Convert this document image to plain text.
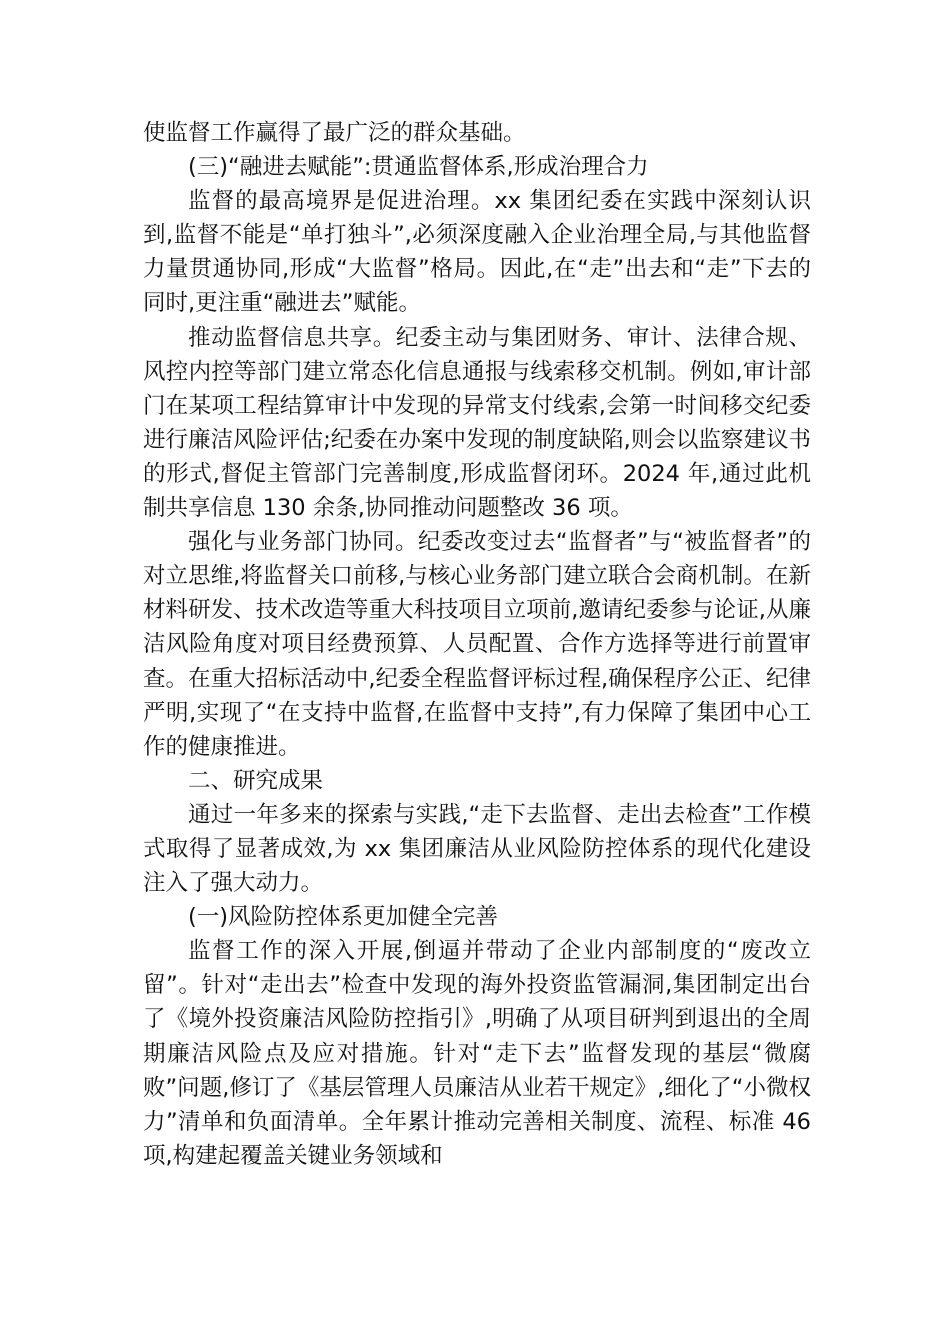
使监督工作赢得了最广泛的群众基础。

(三)“融进去赋能”:贯通监督体系,形成治理合力

监督的最高境界是促进治理。xx 集团纪委在实践中深刻认识到,监督不能是“单打独斗”,必须深度融入企业治理全局,与其他监督力量贯通协同,形成“大监督”格局。因此,在“走”出去和“走”下去的同时,更注重“融进去”赋能。

推动监督信息共享。纪委主动与集团财务、审计、法律合规、风控内控等部门建立常态化信息通报与线索移交机制。例如,审计部门在某项工程结算审计中发现的异常支付线索,会第一时间移交纪委进行廉洁风险评估;纪委在办案中发现的制度缺陷,则会以监察建议书的形式,督促主管部门完善制度,形成监督闭环。2024 年,通过此机制共享信息 130 余条,协同推动问题整改 36 项。

强化与业务部门协同。纪委改变过去“监督者”与“被监督者”的对立思维,将监督关口前移,与核心业务部门建立联合会商机制。在新材料研发、技术改造等重大科技项目立项前,邀请纪委参与论证,从廉洁风险角度对项目经费预算、人员配置、合作方选择等进行前置审查。在重大招标活动中,纪委全程监督评标过程,确保程序公正、纪律严明,实现了“在支持中监督,在监督中支持”,有力保障了集团中心工作的健康推进。

二、研究成果

通过一年多来的探索与实践,“走下去监督、走出去检查”工作模式取得了显著成效,为 xx 集团廉洁从业风险防控体系的现代化建设注入了强大动力。

(一)风险防控体系更加健全完善

监督工作的深入开展,倒逼并带动了企业内部制度的“废改立留”。针对“走出去”检查中发现的海外投资监管漏洞,集团制定出台了《境外投资廉洁风险防控指引》,明确了从项目研判到退出的全周期廉洁风险点及应对措施。针对“走下去”监督发现的基层“微腐败”问题,修订了《基层管理人员廉洁从业若干规定》,细化了“小微权力”清单和负面清单。全年累计推动完善相关制度、流程、标准 46 项,构建起覆盖关键业务领域和
